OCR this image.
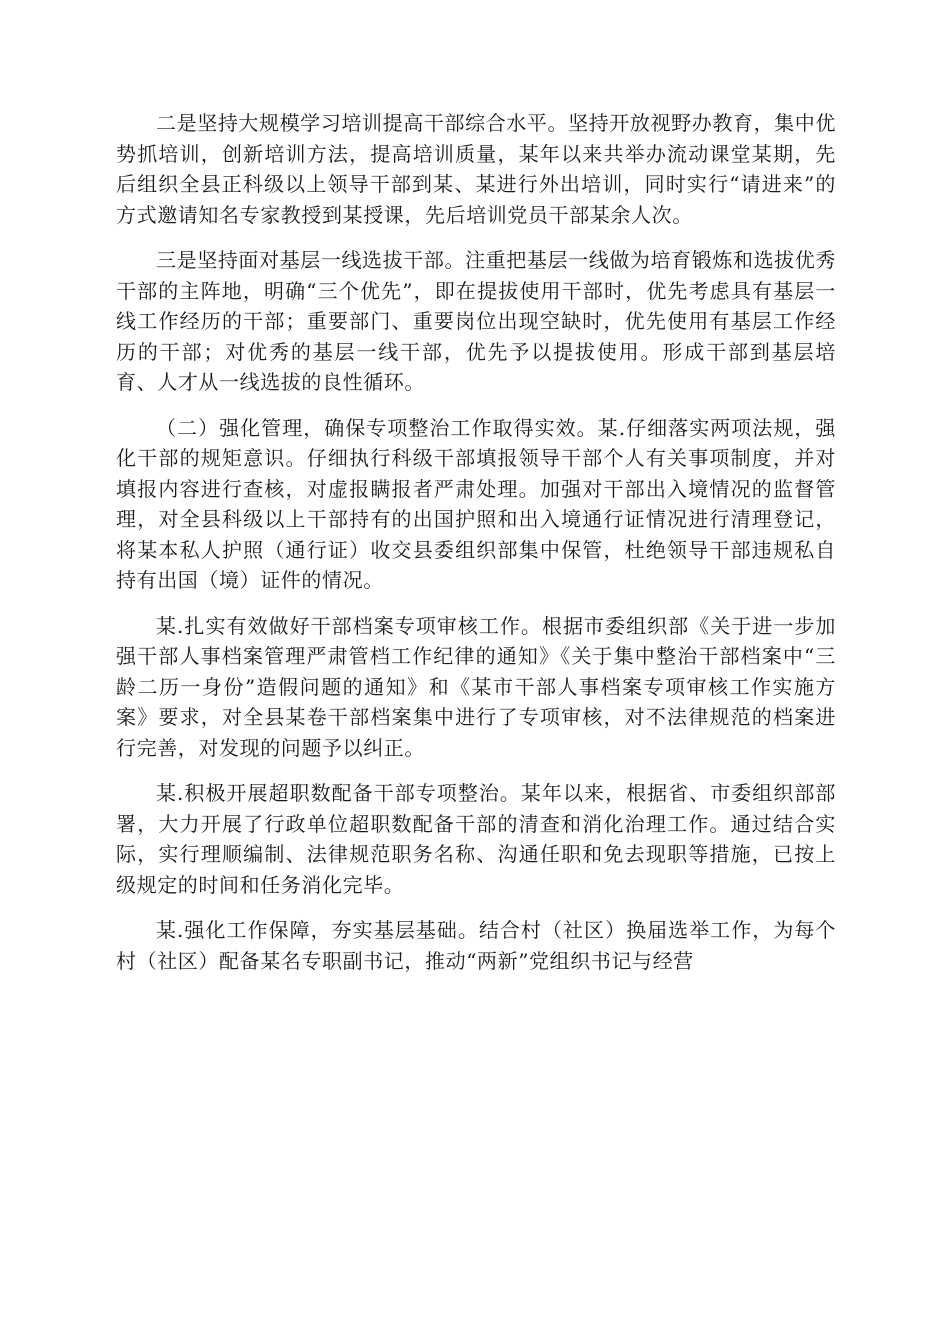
二是坚持大规模学习培训提高干部综合水平。坚持开放视野办教育，集中优势抓培训，创新培训方法，提高培训质量，某年以来共举办流动课堂某期，先后组织全县正科级以上领导干部到某、某进行外出培训，同时实行“请进来”的方式邀请知名专家教授到某授课，先后培训党员干部某余人次。

三是坚持面对基层一线选拔干部。注重把基层一线做为培育锻炼和选拔优秀干部的主阵地，明确“三个优先”，即在提拔使用干部时，优先考虑具有基层一线工作经历的干部；重要部门、重要岗位出现空缺时，优先使用有基层工作经历的干部；对优秀的基层一线干部，优先予以提拔使用。形成干部到基层培育、人才从一线选拔的良性循环。

（二）强化管理，确保专项整治工作取得实效。某.仔细落实两项法规，强化干部的规矩意识。仔细执行科级干部填报领导干部个人有关事项制度，并对填报内容进行查核，对虚报瞒报者严肃处理。加强对干部出入境情况的监督管理，对全县科级以上干部持有的出国护照和出入境通行证情况进行清理登记，将某本私人护照（通行证）收交县委组织部集中保管，杜绝领导干部违规私自持有出国（境）证件的情况。

某.扎实有效做好干部档案专项审核工作。根据市委组织部《关于进一步加强干部人事档案管理严肃管档工作纪律的通知》《关于集中整治干部档案中“三龄二历一身份”造假问题的通知》和《某市干部人事档案专项审核工作实施方案》要求，对全县某卷干部档案集中进行了专项审核，对不法律规范的档案进行完善，对发现的问题予以纠正。

某.积极开展超职数配备干部专项整治。某年以来，根据省、市委组织部部署，大力开展了行政单位超职数配备干部的清查和消化治理工作。通过结合实际，实行理顺编制、法律规范职务名称、沟通任职和免去现职等措施，已按上级规定的时间和任务消化完毕。

某.强化工作保障，夯实基层基础。结合村（社区）换届选举工作，为每个村（社区）配备某名专职副书记，推动“两新”党组织书记与经营
